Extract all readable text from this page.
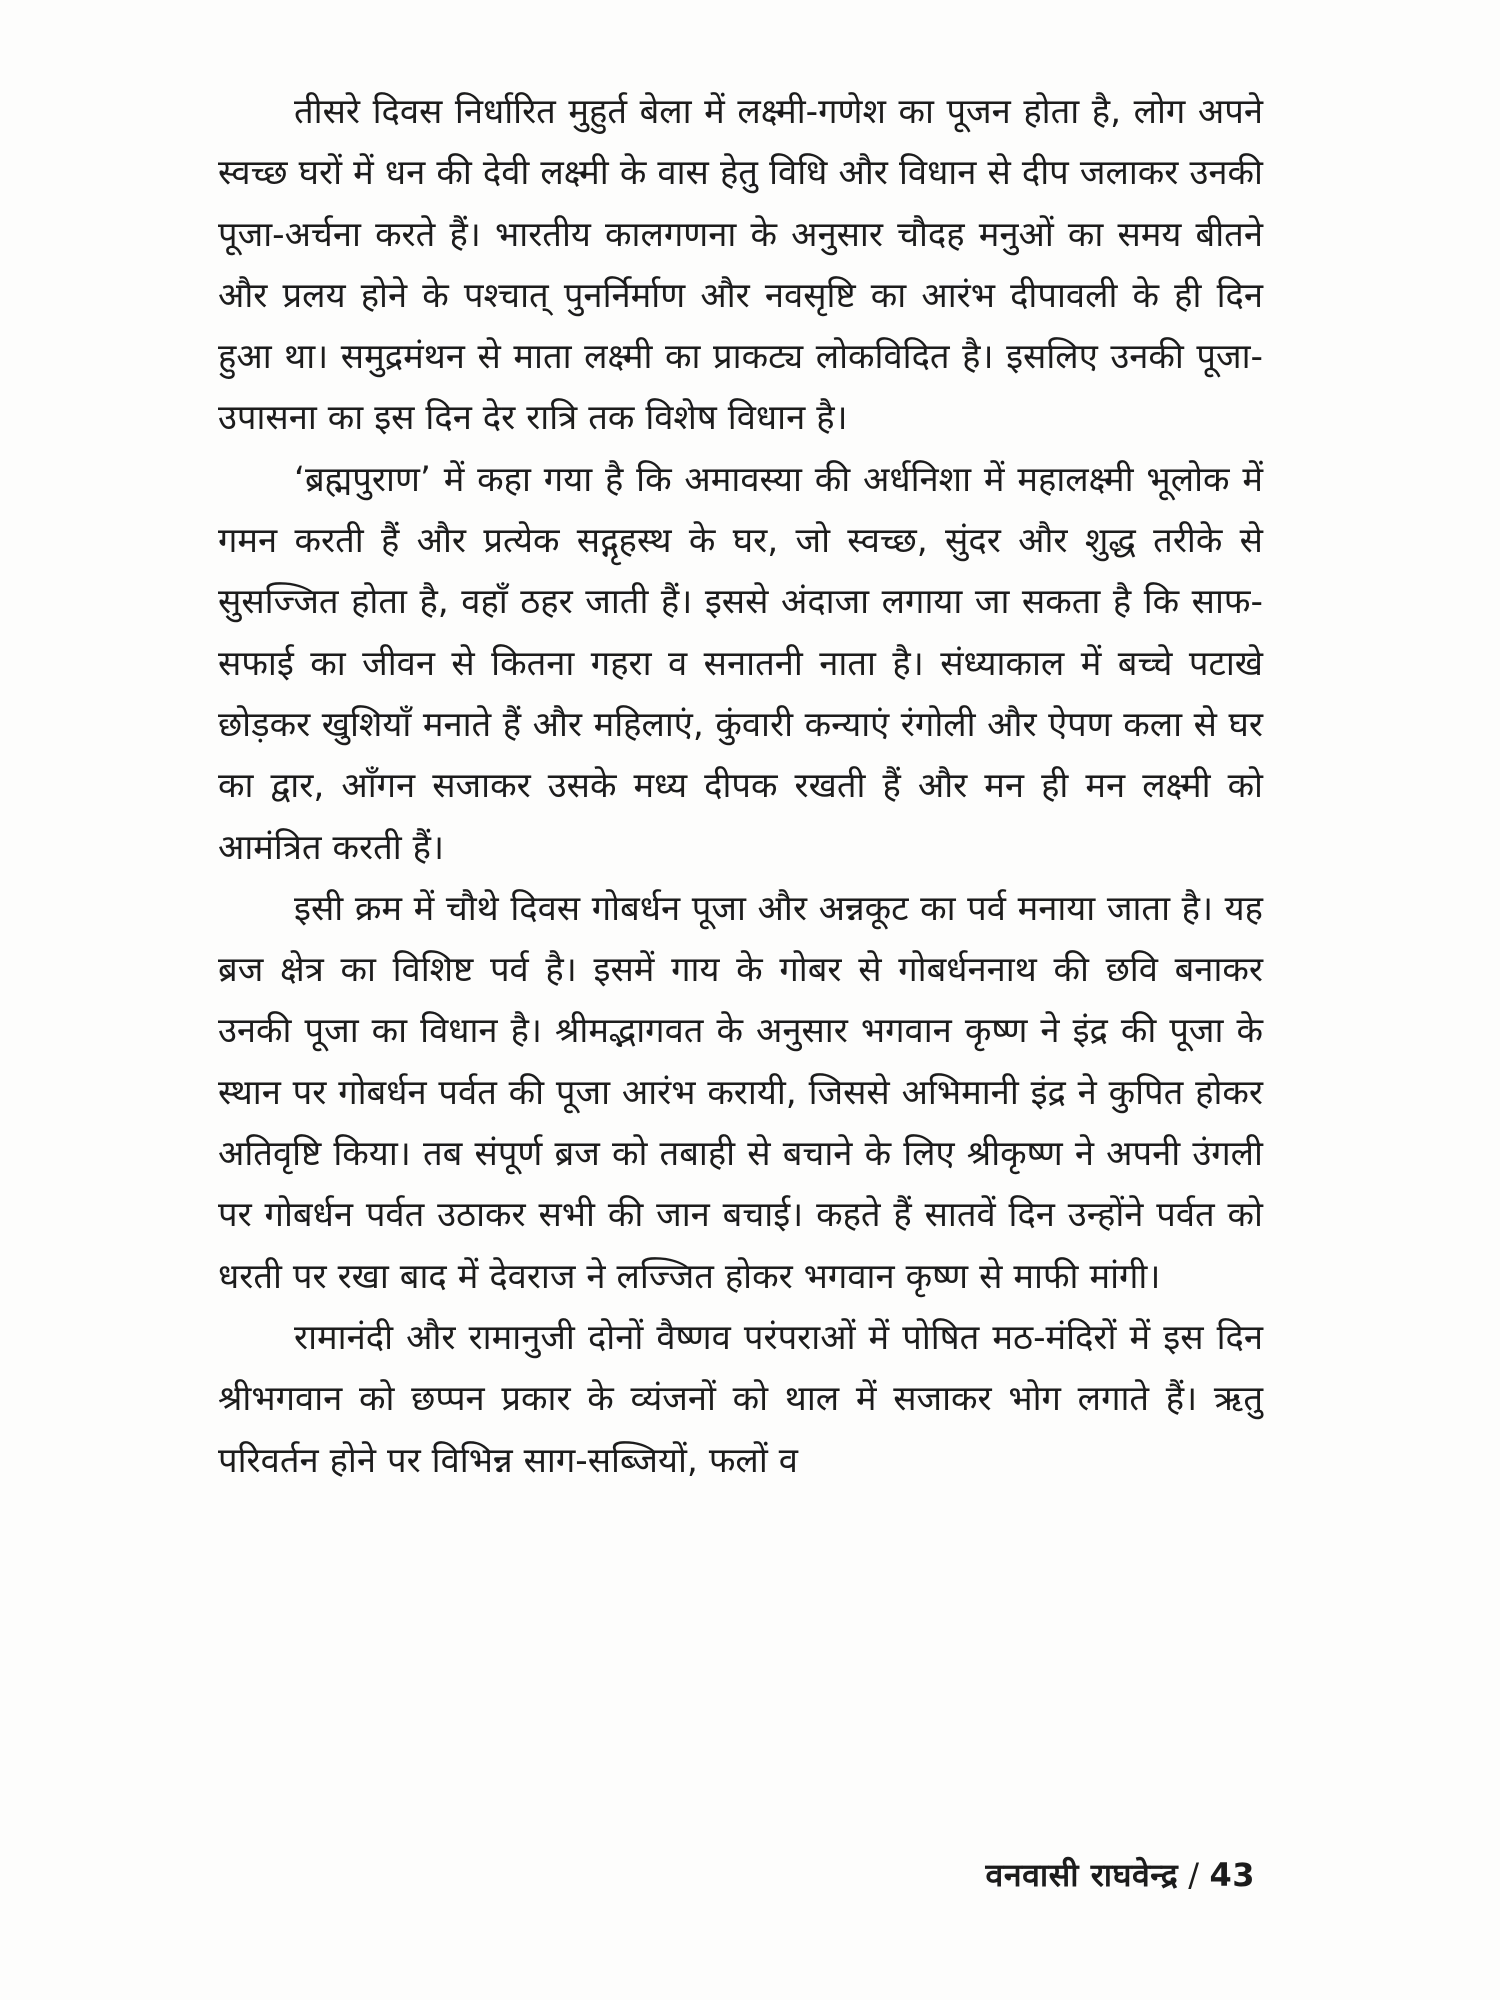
तीसरे दिवस निर्धारित मुहुर्त बेला में लक्ष्मी-गणेश का पूजन होता है, लोग अपने स्वच्छ घरों में धन की देवी लक्ष्मी के वास हेतु विधि और विधान से दीप जलाकर उनकी पूजा-अर्चना करते हैं। भारतीय कालगणना के अनुसार चौदह मनुओं का समय बीतने और प्रलय होने के पश्चात् पुनर्निर्माण और नवसृष्टि का आरंभ दीपावली के ही दिन हुआ था। समुद्रमंथन से माता लक्ष्मी का प्राकट्य लोकविदित है। इसलिए उनकी पूजा-उपासना का इस दिन देर रात्रि तक विशेष विधान है।

‘ब्रह्मपुराण’ में कहा गया है कि अमावस्या की अर्धनिशा में महालक्ष्मी भूलोक में गमन करती हैं और प्रत्येक सद्गृहस्थ के घर, जो स्वच्छ, सुंदर और शुद्ध तरीके से सुसज्जित होता है, वहाँ ठहर जाती हैं। इससे अंदाजा लगाया जा सकता है कि साफ-सफाई का जीवन से कितना गहरा व सनातनी नाता है। संध्याकाल में बच्चे पटाखे छोड़कर खुशियाँ मनाते हैं और महिलाएं, कुंवारी कन्याएं रंगोली और ऐपण कला से घर का द्वार, आँगन सजाकर उसके मध्य दीपक रखती हैं और मन ही मन लक्ष्मी को आमंत्रित करती हैं।

इसी क्रम में चौथे दिवस गोबर्धन पूजा और अन्नकूट का पर्व मनाया जाता है। यह ब्रज क्षेत्र का विशिष्ट पर्व है। इसमें गाय के गोबर से गोबर्धननाथ की छवि बनाकर उनकी पूजा का विधान है। श्रीमद्भागवत के अनुसार भगवान कृष्ण ने इंद्र की पूजा के स्थान पर गोबर्धन पर्वत की पूजा आरंभ करायी, जिससे अभिमानी इंद्र ने कुपित होकर अतिवृष्टि किया। तब संपूर्ण ब्रज को तबाही से बचाने के लिए श्रीकृष्ण ने अपनी उंगली पर गोबर्धन पर्वत उठाकर सभी की जान बचाई। कहते हैं सातवें दिन उन्होंने पर्वत को धरती पर रखा बाद में देवराज ने लज्जित होकर भगवान कृष्ण से माफी मांगी।

रामानंदी और रामानुजी दोनों वैष्णव परंपराओं में पोषित मठ-मंदिरों में इस दिन श्रीभगवान को छप्पन प्रकार के व्यंजनों को थाल में सजाकर भोग लगाते हैं। ऋतु परिवर्तन होने पर विभिन्न साग-सब्जियों, फलों व

वनवासी राघवेन्द्र / 43
